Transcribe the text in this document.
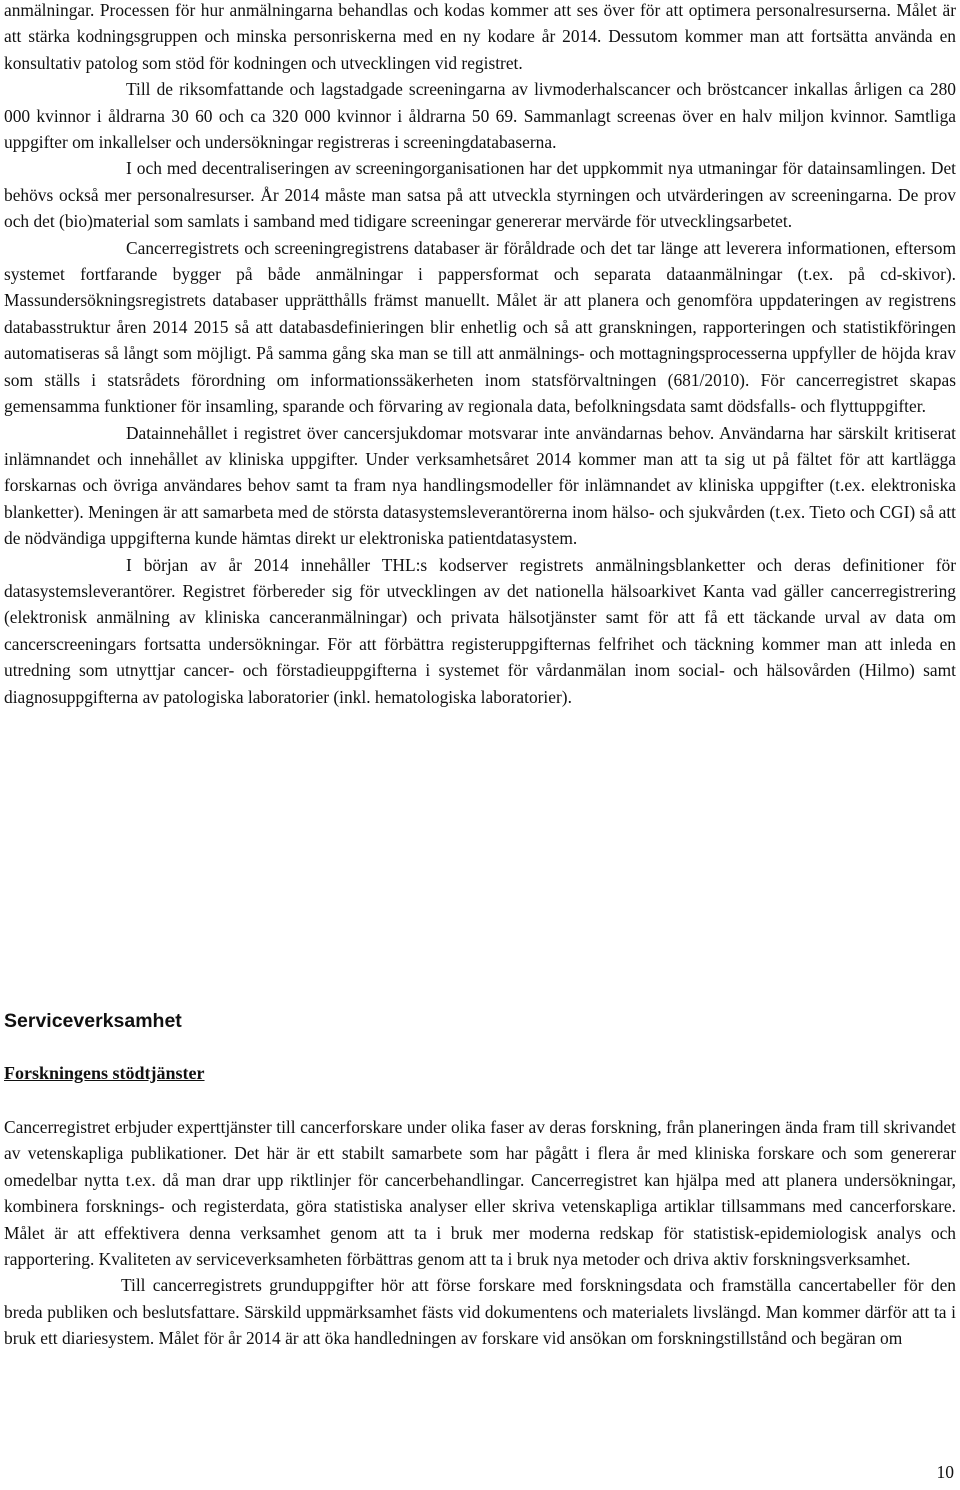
anmälningar. Processen för hur anmälningarna behandlas och kodas kommer att ses över för att optimera personalresurserna. Målet är att stärka kodningsgruppen och minska personriskerna med en ny kodare år 2014. Dessutom kommer man att fortsätta använda en konsultativ patolog som stöd för kodningen och utvecklingen vid registret.

Till de riksomfattande och lagstadgade screeningarna av livmoderhalscancer och bröstcancer inkallas årligen ca 280 000 kvinnor i åldrarna 30 60 och ca 320 000 kvinnor i åldrarna 50 69. Sammanlagt screenas över en halv miljon kvinnor. Samtliga uppgifter om inkallelser och undersökningar registreras i screeningdatabaserna.

I och med decentraliseringen av screeningorganisationen har det uppkommit nya utmaningar för datainsamlingen. Det behövs också mer personalresurser. År 2014 måste man satsa på att utveckla styrningen och utvärderingen av screeningarna. De prov och det (bio)material som samlats i samband med tidigare screeningar genererar mervärde för utvecklingsarbetet.

Cancerregistrets och screeningregistrens databaser är föråldrade och det tar länge att leverera informationen, eftersom systemet fortfarande bygger på både anmälningar i pappersformat och separata dataanmälningar (t.ex. på cd-skivor). Massundersökningsregistrets databaser upprätthålls främst manuellt. Målet är att planera och genomföra uppdateringen av registrens databasstruktur åren 2014 2015 så att databasdefinieringen blir enhetlig och så att granskningen, rapporteringen och statistikföringen automatiseras så långt som möjligt. På samma gång ska man se till att anmälnings- och mottagningsprocesserna uppfyller de höjda krav som ställs i statsrådets förordning om informationssäkerheten inom statsförvaltningen (681/2010). För cancerregistret skapas gemensamma funktioner för insamling, sparande och förvaring av regionala data, befolkningsdata samt dödsfalls- och flyttuppgifter.

Datainnehållet i registret över cancersjukdomar motsvarar inte användarnas behov. Användarna har särskilt kritiserat inlämnandet och innehållet av kliniska uppgifter. Under verksamhetsåret 2014 kommer man att ta sig ut på fältet för att kartlägga forskarnas och övriga användares behov samt ta fram nya handlingsmodeller för inlämnandet av kliniska uppgifter (t.ex. elektroniska blanketter). Meningen är att samarbeta med de största datasystemsleverantörerna inom hälso- och sjukvården (t.ex. Tieto och CGI) så att de nödvändiga uppgifterna kunde hämtas direkt ur elektroniska patientdatasystem.

I början av år 2014 innehåller THL:s kodserver registrets anmälningsblanketter och deras definitioner för datasystemsleverantörer. Registret förbereder sig för utvecklingen av det nationella hälsoarkivet Kanta vad gäller cancerregistrering (elektronisk anmälning av kliniska canceranmälningar) och privata hälsotjänster samt för att få ett täckande urval av data om cancerscreeningars fortsatta undersökningar. För att förbättra registeruppgifternas felfrihet och täckning kommer man att inleda en utredning som utnyttjar cancer- och förstadieuppgifterna i systemet för vårdanmälan inom social- och hälsovården (Hilmo) samt diagnosuppgifterna av patologiska laboratorier (inkl. hematologiska laboratorier).

Serviceverksamhet
Forskningens stödtjänster

Cancerregistret erbjuder experttjänster till cancerforskare under olika faser av deras forskning, från planeringen ända fram till skrivandet av vetenskapliga publikationer. Det här är ett stabilt samarbete som har pågått i flera år med kliniska forskare och som genererar omedelbar nytta t.ex. då man drar upp riktlinjer för cancerbehandlingar. Cancerregistret kan hjälpa med att planera undersökningar, kombinera forsknings- och registerdata, göra statistiska analyser eller skriva vetenskapliga artiklar tillsammans med cancerforskare. Målet är att effektivera denna verksamhet genom att ta i bruk mer moderna redskap för statistisk-epidemiologisk analys och rapportering. Kvaliteten av serviceverksamheten förbättras genom att ta i bruk nya metoder och driva aktiv forskningsverksamhet.

Till cancerregistrets grunduppgifter hör att förse forskare med forskningsdata och framställa cancertabeller för den breda publiken och beslutsfattare. Särskild uppmärksamhet fästs vid dokumentens och materialets livslängd. Man kommer därför att ta i bruk ett diariesystem. Målet för år 2014 är att öka handledningen av forskare vid ansökan om forskningstillstånd och begäran om

10
